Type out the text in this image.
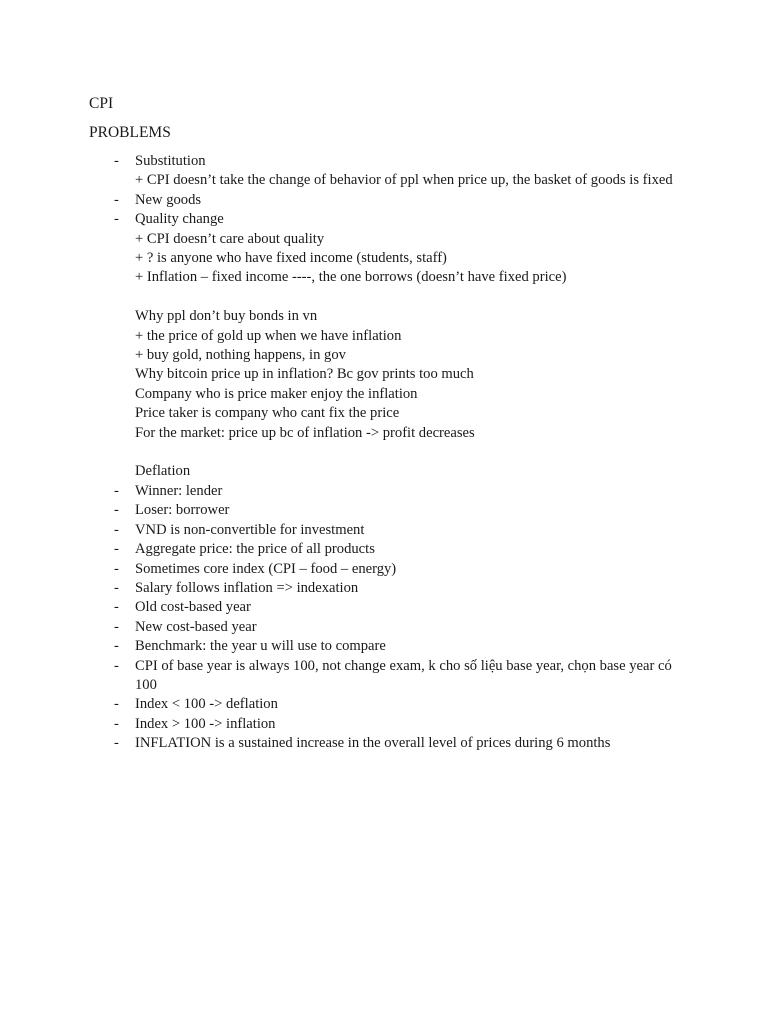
CPI
PROBLEMS
-	Substitution
+ CPI doesn’t take the change of behavior of ppl when price up, the basket of goods is fixed
-	New goods
-	Quality change
+ CPI doesn’t care about quality
+ ? is anyone who have fixed income (students, staff)
+ Inflation – fixed income ----, the one borrows (doesn’t have fixed price)
Why ppl don’t buy bonds in vn
+ the price of gold up when we have inflation
+ buy gold, nothing happens, in gov
Why bitcoin price up in inflation? Bc gov prints too much
Company who is price maker enjoy the inflation
Price taker is company who cant fix the price
For the market: price up bc of inflation -> profit decreases
Deflation
-	Winner: lender
-	Loser: borrower
-	VND is non-convertible for investment
-	Aggregate price: the price of all products
-	Sometimes core index (CPI – food – energy)
-	Salary follows inflation => indexation
-	Old cost-based year
-	New cost-based year
-	Benchmark: the year u will use to compare
-	CPI of base year is always 100, not change exam, k cho số liệu base year, chọn base year có 100
-	Index < 100 -> deflation
-	Index > 100 -> inflation
-	INFLATION is a sustained increase in the overall level of prices during 6 months
